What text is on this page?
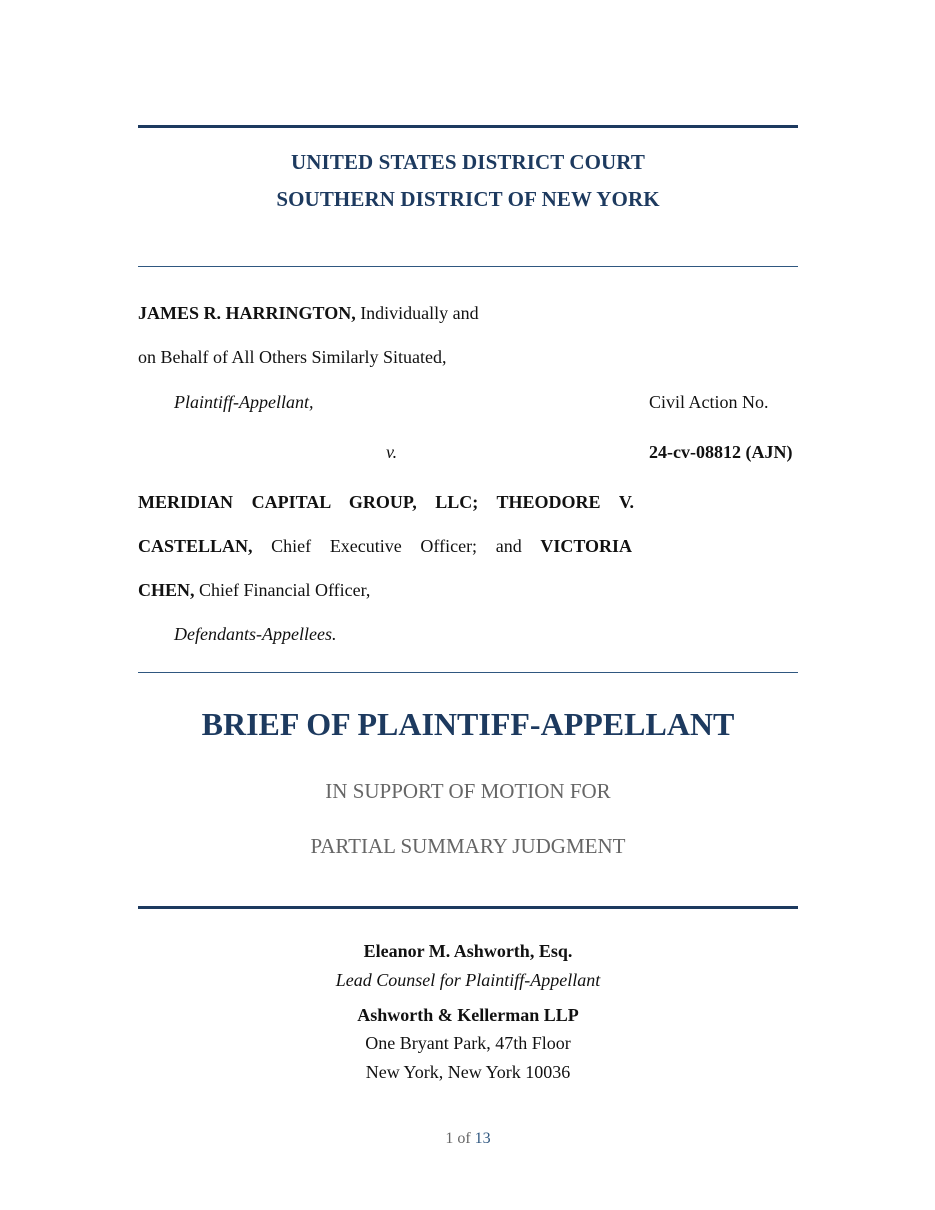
UNITED STATES DISTRICT COURT
SOUTHERN DISTRICT OF NEW YORK
JAMES R. HARRINGTON, Individually and
on Behalf of All Others Similarly Situated,
Plaintiff-Appellant,
v.
MERIDIAN CAPITAL GROUP, LLC; THEODORE V.
CASTELLAN, Chief Executive Officer; and VICTORIA
CHEN, Chief Financial Officer,
Defendants-Appellees.
Civil Action No.
24-cv-08812 (AJN)
BRIEF OF PLAINTIFF-APPELLANT
IN SUPPORT OF MOTION FOR
PARTIAL SUMMARY JUDGMENT
Eleanor M. Ashworth, Esq.
Lead Counsel for Plaintiff-Appellant
Ashworth & Kellerman LLP
One Bryant Park, 47th Floor
New York, New York 10036
1 of 13
